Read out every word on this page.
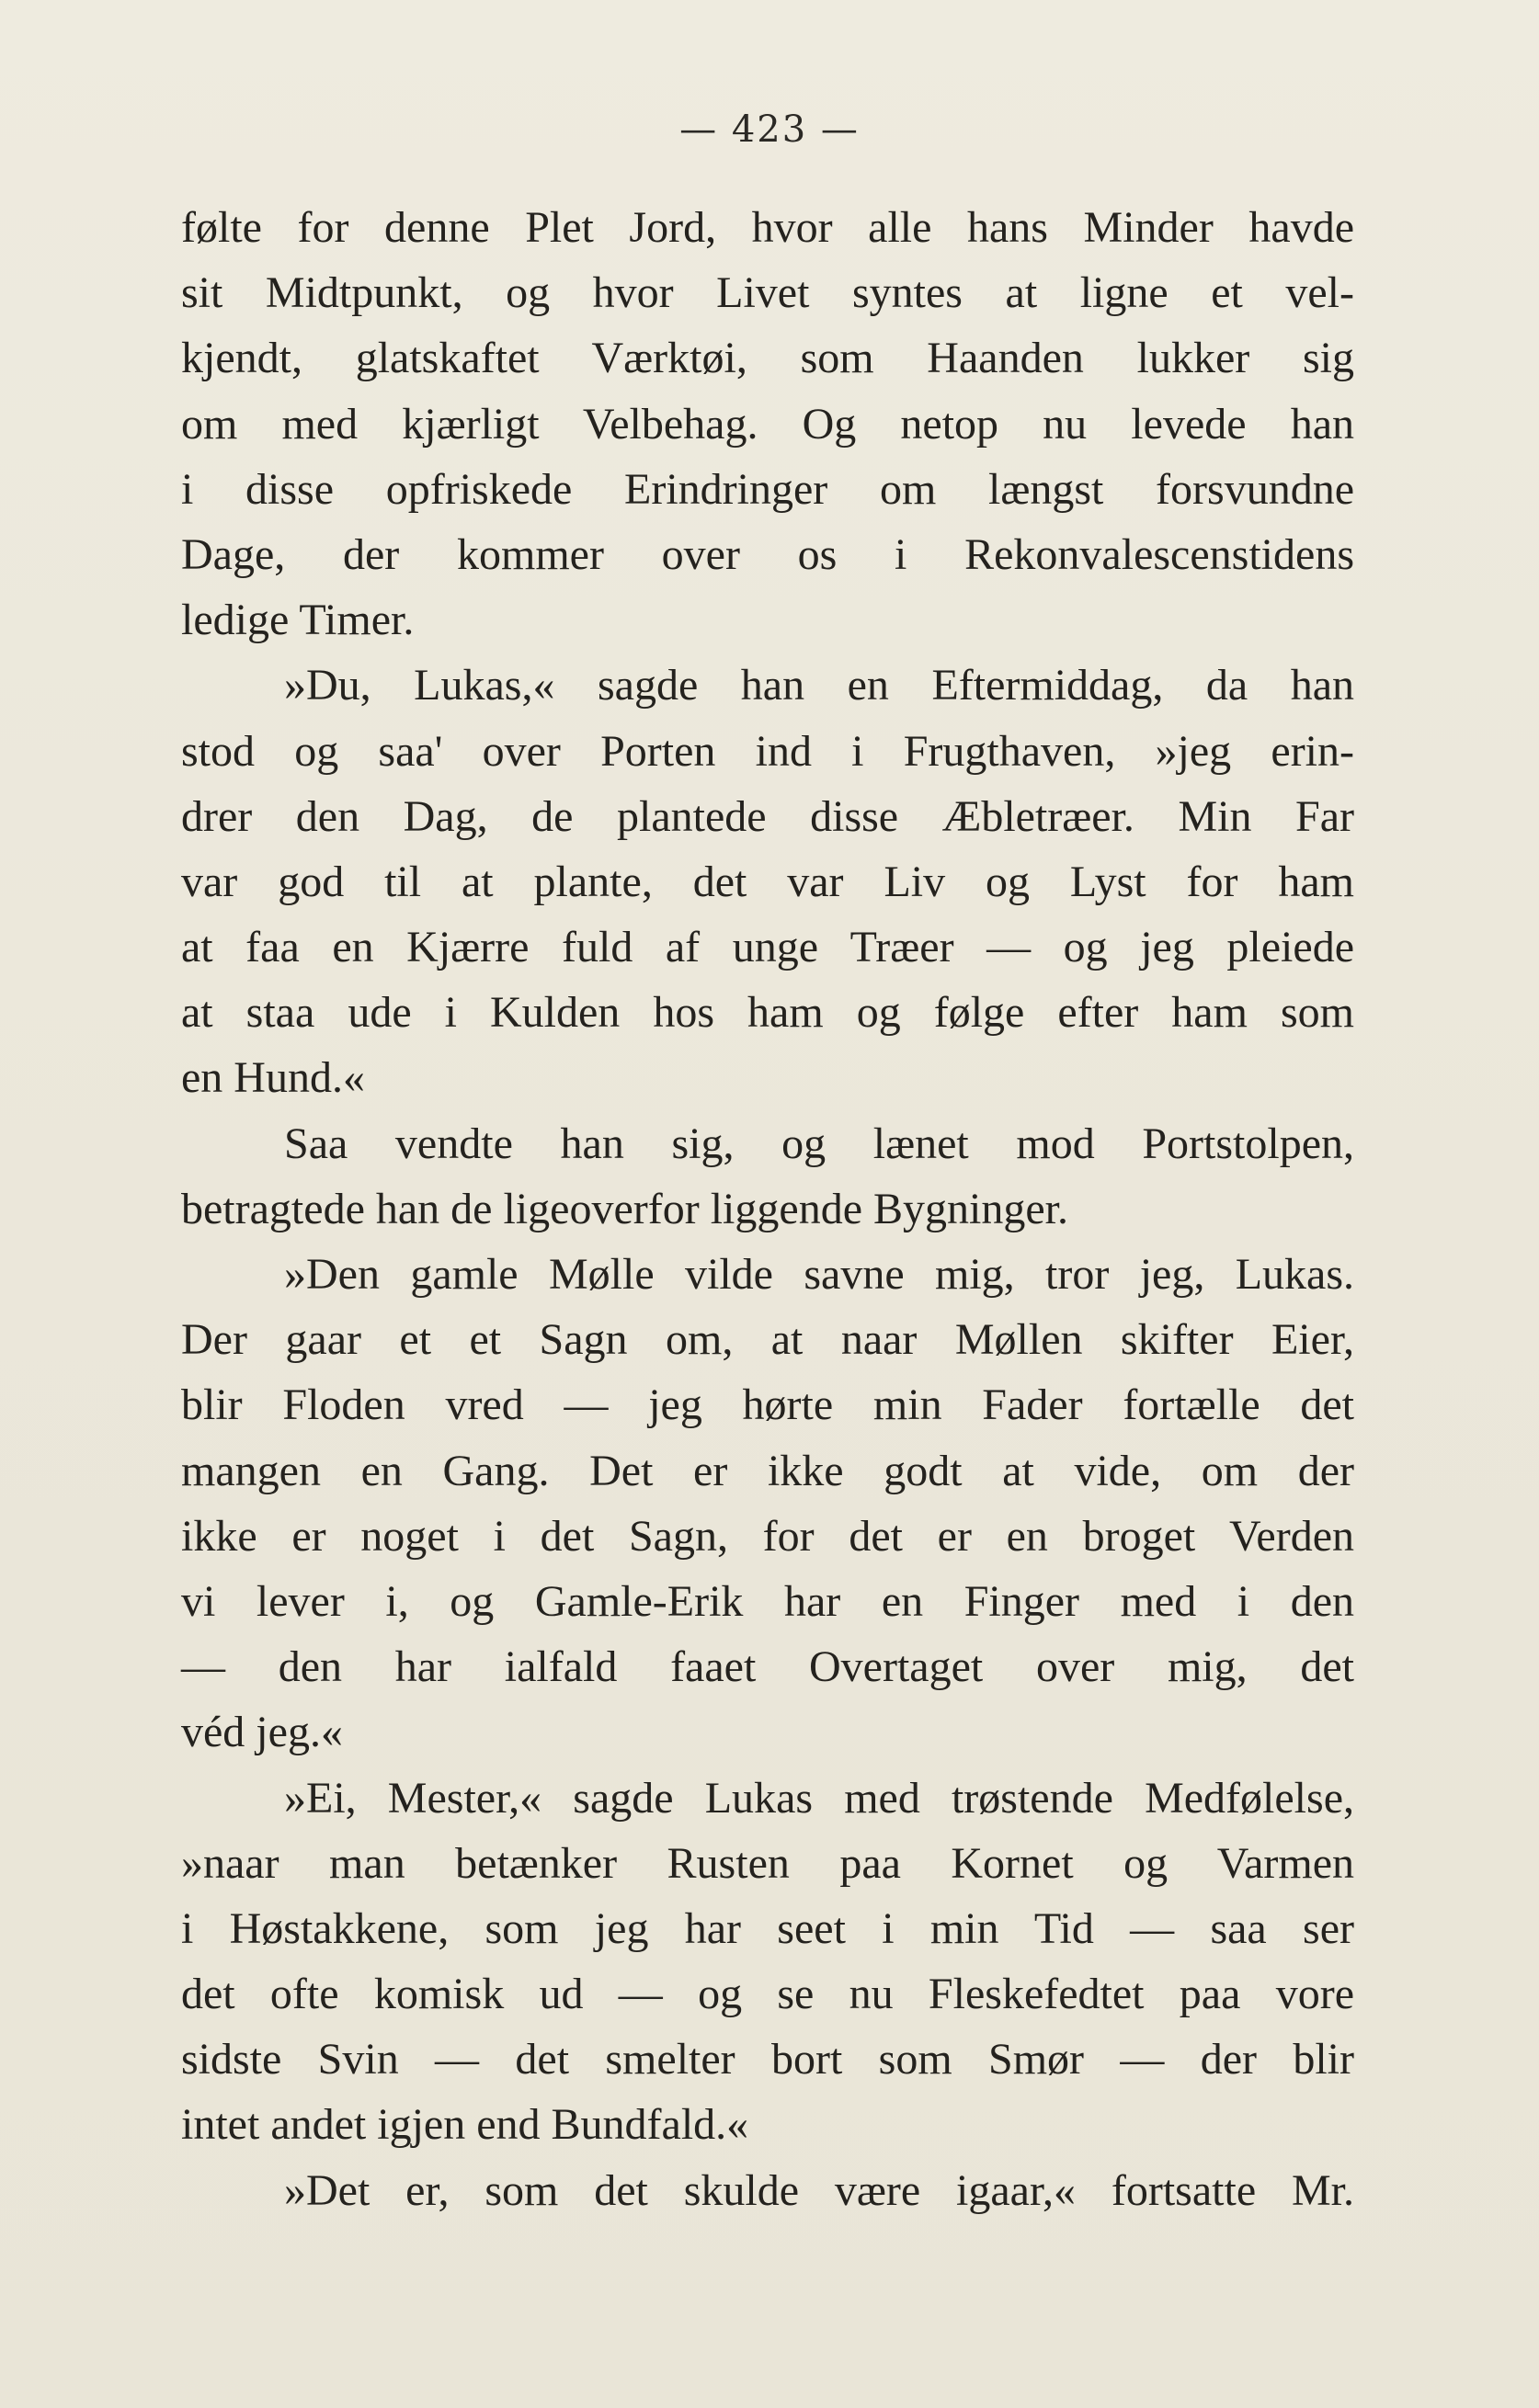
— 423 —
følte for denne Plet Jord, hvor alle hans Minder havde
sit Midtpunkt, og hvor Livet syntes at ligne et vel-
kjendt, glatskaftet Værktøi, som Haanden lukker sig
om med kjærligt Velbehag. Og netop nu levede han
i disse opfriskede Erindringer om længst forsvundne
Dage, der kommer over os i Rekonvalescenstidens
ledige Timer.
»Du, Lukas,« sagde han en Eftermiddag, da han
stod og saa' over Porten ind i Frugthaven, »jeg erin-
drer den Dag, de plantede disse Æbletræer. Min Far
var god til at plante, det var Liv og Lyst for ham
at faa en Kjærre fuld af unge Træer — og jeg pleiede
at staa ude i Kulden hos ham og følge efter ham som
en Hund.«
Saa vendte han sig, og lænet mod Portstolpen,
betragtede han de ligeoverfor liggende Bygninger.
»Den gamle Mølle vilde savne mig, tror jeg, Lukas.
Der gaar et et Sagn om, at naar Møllen skifter Eier,
blir Floden vred — jeg hørte min Fader fortælle det
mangen en Gang. Det er ikke godt at vide, om der
ikke er noget i det Sagn, for det er en broget Verden
vi lever i, og Gamle-Erik har en Finger med i den
— den har ialfald faaet Overtaget over mig, det
véd jeg.«
»Ei, Mester,« sagde Lukas med trøstende Medfølelse,
»naar man betænker Rusten paa Kornet og Varmen
i Høstakkene, som jeg har seet i min Tid — saa ser
det ofte komisk ud — og se nu Fleskefedtet paa vore
sidste Svin — det smelter bort som Smør — der blir
intet andet igjen end Bundfald.«
»Det er, som det skulde være igaar,« fortsatte Mr.
